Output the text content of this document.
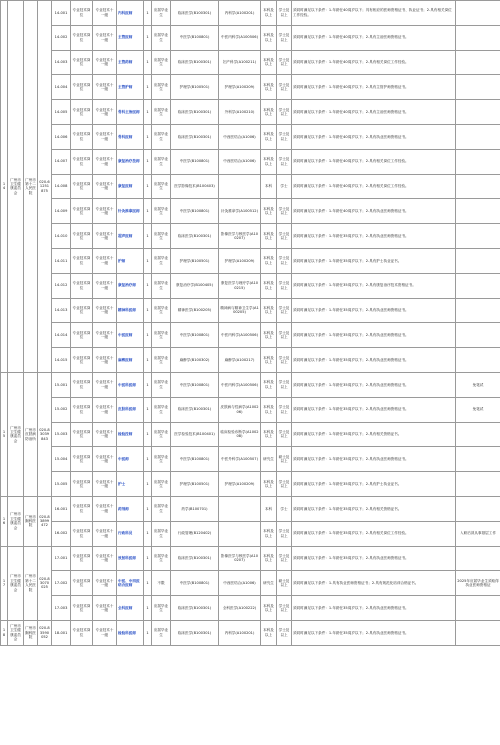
14	广州市卫生健康委员会	广州市第十二人民医院	020-61251875	14-001	专业技术岗位	专业技术十一级	内科医师	1	应届毕业生	临床医学(B100301)	内科学(A100201)	本科及以上	学士及以上	须同时满足以下条件：1.年龄在40周岁以下；具有相应的医师资格证书、执业证书；2.具有相关岗位工作经验。	
				14-002	专业技术岗位	专业技术十一级	主管医师	1	应届毕业生	中医学(B100801)	中医内科学(A100506)	本科及以上	学士及以上	须同时满足以下条件：1.年龄在40周岁以下；2.具有主治医师资格证书。	
				14-003	专业技术岗位	专业技术十一级	主管药师	1	应届毕业生	临床医学(B100301)	妇产科学(A100211)	本科及以上	学士及以上	须同时满足以下条件：1.年龄在40周岁以下；2.具有相关岗位工作经验。	
				14-004	专业技术岗位	专业技术十一级	主管护师	1	应届毕业生	护理学(B100501)	护理学(A100209)	本科及以上	学士及以上	须同时满足以下条件：1.年龄在40周岁以下；2.具有主管护师资格证书。	
				14-005	专业技术岗位	专业技术十一级	骨科主治医师	1	应届毕业生	临床医学(B100301)	外科学(A100210)	本科及以上	学士及以上	须同时满足以下条件：1.年龄在40周岁以下；2.具有主治医师资格证书。	
				14-006	专业技术岗位	专业技术十一级	骨科医师	1	应届毕业生	临床医学(B100301)	中西医结合(A1006)	本科及以上	学士及以上	须同时满足以下条件：1.年龄在40周岁以下；2.具有执业医师资格证书。	
				14-007	专业技术岗位	专业技术十一级	康复治疗技师	1	应届毕业生	中医学(B100801)	中西医结合(A1006)	本科及以上	学士及以上	须同时满足以下条件：1.年龄在40周岁以下；2.具有相关岗位工作经验。	
				14-008	专业技术岗位	专业技术十一级	康复医师	1	应届毕业生	医学影像技术(B100403)		本科	学士	须同时满足以下条件：1.年龄在40周岁以下；2.具有相关岗位工作经验。	
				14-009	专业技术岗位	专业技术十一级	针灸推拿医师	1	应届毕业生	中医学(B100801)	针灸推拿学(A100512)	本科及以上	学士及以上	须同时满足以下条件：1.年龄在40周岁以下；2.具有执业医师资格证书。	
				14-010	专业技术岗位	专业技术十一级	超声医师	1	应届毕业生	临床医学(B100301)	影像医学与核医学(A100207)	本科及以上	学士及以上	须同时满足以下条件：1.年龄在35周岁以下；2.具有执业医师资格证书。	
				14-011	专业技术岗位	专业技术十一级	护师	1	应届毕业生	护理学(B100501)	护理学(A100209)	本科及以上	学士及以上	须同时满足以下条件：1.年龄在35周岁以下；2.具有护士执业证书。	
				14-012	专业技术岗位	专业技术十一级	康复治疗师	1	应届毕业生	康复治疗学(B100405)	康复医学与理疗学(A100215)	本科及以上	学士及以上	须同时满足以下条件：1.年龄在35周岁以下；2.具有康复治疗技术资格证书。	
				14-013	专业技术岗位	专业技术十一级	精神科医师	1	应届毕业生	精神医学(B100205)	精神病与精神卫生学(A100205)	本科及以上	学士及以上	须同时满足以下条件：1.年龄在35周岁以下；2.具有执业医师资格证书。	
				14-014	专业技术岗位	专业技术十一级	中医医师	1	应届毕业生	中医学(B100801)	中医内科学(A100506)	本科及以上	学士及以上	须同时满足以下条件：1.年龄在35周岁以下；2.具有执业医师资格证书。	
				14-015	专业技术岗位	专业技术十一级	麻醉医师	1	应届毕业生	麻醉学(B100302)	麻醉学(A100217)	本科及以上	学士及以上	须同时满足以下条件：1.年龄在35周岁以下；2.具有执业医师资格证书。	
15	广州市卫生健康委员会	广州市皮肤病防治所	020-83039843	15-001	专业技术岗位	专业技术十一级	中医科医师	1	应届毕业生	中医学(B100801)	中医内科学(A100506)	本科及以上	学士及以上	须同时满足以下条件：1.年龄在35周岁以下；2.具有执业医师资格证书。	免笔试
				15-002	专业技术岗位	专业技术十一级	皮肤科医师	1	应届毕业生	临床医学(B100301)	皮肤病与性病学(A100206)	本科及以上	学士及以上	须同时满足以下条件：1.年龄在35周岁以下；2.具有执业医师资格证书。	免笔试
				15-003	专业技术岗位	专业技术十一级	检验技师	1	应届毕业生	医学检验技术(B100401)	临床检验诊断学(A100208)	本科及以上	学士及以上	须同时满足以下条件：1.年龄在35周岁以下；2.具有相关资格证书。	
				15-004	专业技术岗位	专业技术十一级	中医师	1	应届毕业生	中医学(B100801)	中医外科学(A100507)	研究生	硕士及以上	须同时满足以下条件：1.年龄在35周岁以下；2.具有执业医师资格证书。	
				15-005	专业技术岗位	专业技术十一级	护士	1	应届毕业生	护理学(B100501)	护理学(A100209)	本科及以上	学士及以上	须同时满足以下条件：1.年龄在35周岁以下；2.具有护士执业证书。	
16	广州市卫生健康委员会	广州市胸科医院	020-83899472	16-001	专业技术岗位	专业技术十一级	药剂师	1	应届毕业生	药学(B100701)		本科	学士	须同时满足以下条件：1.年龄在35周岁以下；2.具有相关资格证书。	
				16-002	专业技术岗位	专业技术十一级	行政科员	1	应届毕业生	行政管理(B120402)		本科及以上	学士及以上	须同时满足以下条件：1.年龄在35周岁以下；2.具有相关岗位工作经验。	入职后须从事基层工作
17	广州市卫生健康委员会	广州市第十二人民医院	020-83070025	17-001	专业技术岗位	专业技术十一级	放射科医师	1	应届毕业生	临床医学(B100301)	影像医学与核医学(A100207)	本科及以上	学士及以上	须同时满足以下条件：1.年龄在35周岁以下；2.具有执业医师资格证书。	
				17-002	专业技术岗位	专业技术十一级	中医、中西医结合医师	1	不限	中医学(B100801)	中西医结合(A1006)	研究生	硕士及以上	须同时满足以下条件：1.具有执业医师资格证书；2.具有规范化培训合格证书。	2025年应届毕业生须取得执业医师资格证
				17-003	专业技术岗位	专业技术十一级	全科医师	1	应届毕业生	临床医学(B100301)	全科医学(A100222)	本科及以上	学士及以上	须同时满足以下条件：1.年龄在35周岁以下；2.具有执业医师资格证书。	
18	广州市卫生健康委员会	广州市胸科医院	020-83590052	18-001	专业技术岗位	专业技术十一级	检验科医师	1	应届毕业生	临床医学(B100301)	内科学(A100201)	本科及以上	学士及以上	须同时满足以下条件：1.年龄在35周岁以下；2.具有执业医师资格证书。	
